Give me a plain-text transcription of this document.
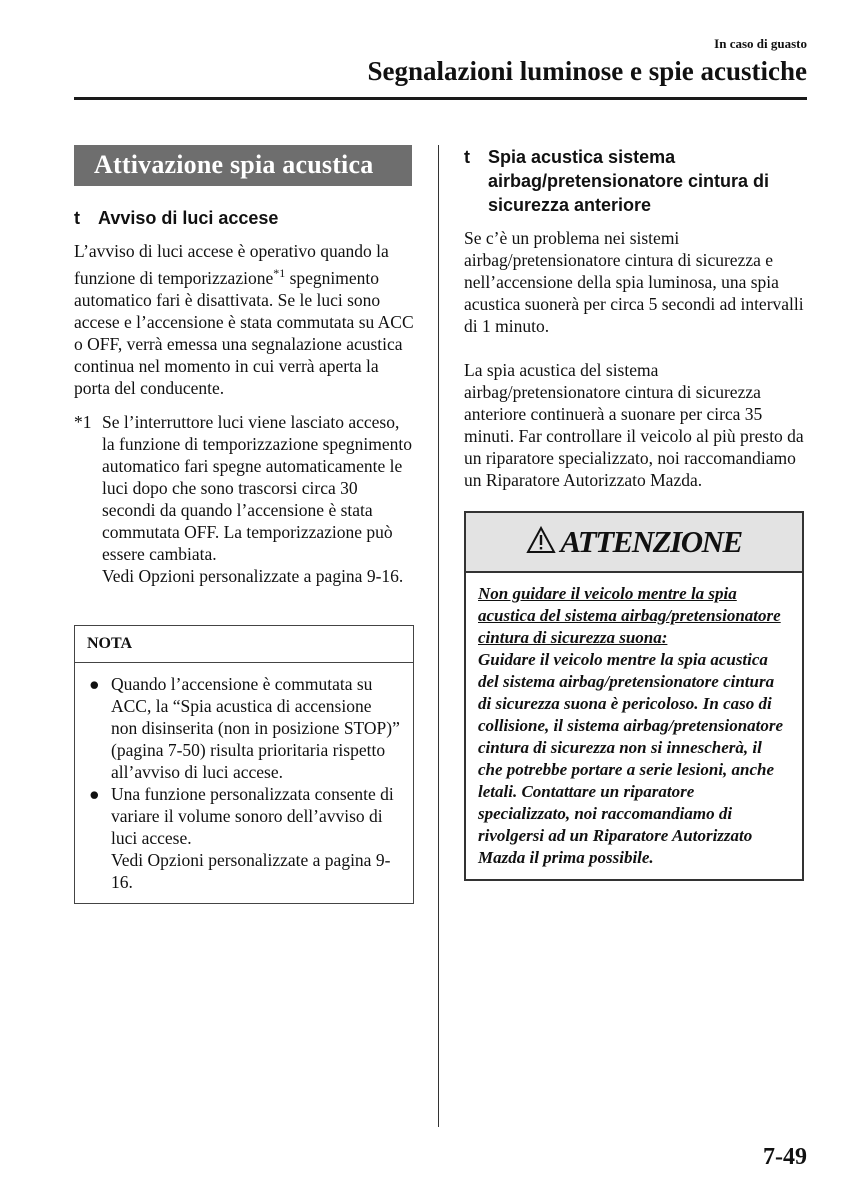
In caso di guasto
Segnalazioni luminose e spie acustiche
Attivazione spia acustica
t	Avviso di luci accese

L’avviso di luci accese è operativo quando la funzione di temporizzazione$^{*1}$ spegnimento automatico fari è disattivata. Se le luci sono accese e l’accensione è stata commutata su ACC o OFF, verrà emessa una segnalazione acustica continua nel momento in cui verrà aperta la porta del conducente.

*1 Se l’interruttore luci viene lasciato acceso, la funzione di temporizzazione spegnimento automatico fari spegne automaticamente le luci dopo che sono trascorsi circa 30 secondi da quando l’accensione è stata commutata OFF. La temporizzazione può essere cambiata.
Vedi Opzioni personalizzate a pagina 9-16.
NOTA
● Quando l’accensione è commutata su ACC, la “Spia acustica di accensione non disinserita (non in posizione STOP)” (pagina 7-50) risulta prioritaria rispetto all’avviso di luci accese.
● Una funzione personalizzata consente di variare il volume sonoro dell’avviso di luci accese.
Vedi Opzioni personalizzate a pagina 9-16.
t	Spia acustica sistema airbag/pretensionatore cintura di sicurezza anteriore

Se c’è un problema nei sistemi airbag/pretensionatore cintura di sicurezza e nell’accensione della spia luminosa, una spia acustica suonerà per circa 5 secondi ad intervalli di 1 minuto.

La spia acustica del sistema airbag/pretensionatore cintura di sicurezza anteriore continuerà a suonare per circa 35 minuti. Far controllare il veicolo al più presto da un riparatore specializzato, noi raccomandiamo un Riparatore Autorizzato Mazda.

ATTENZIONE
Non guidare il veicolo mentre la spia acustica del sistema airbag/pretensionatore cintura di sicurezza suona:
Guidare il veicolo mentre la spia acustica del sistema airbag/pretensionatore cintura di sicurezza suona è pericoloso. In caso di collisione, il sistema airbag/pretensionatore cintura di sicurezza non si innescherà, il che potrebbe portare a serie lesioni, anche letali. Contattare un riparatore specializzato, noi raccomandiamo di rivolgersi ad un Riparatore Autorizzato Mazda il prima possibile.
7-49
